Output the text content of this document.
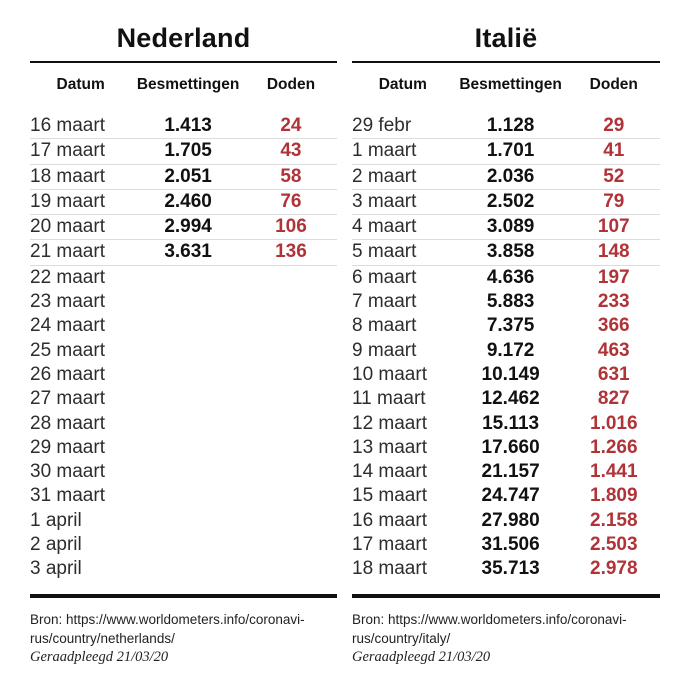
Nederland
Datum	Besmettingen	Doden
16 maart	1.413	24
17 maart	1.705	43
18 maart	2.051	58
19 maart	2.460	76
20 maart	2.994	106
21 maart	3.631	136
22 maart
23 maart
24 maart
25 maart
26 maart
27 maart
28 maart
29 maart
30 maart
31 maart
1 april
2 april
3 april
Bron: https://www.worldometers.info/coronavi-
rus/country/netherlands/
Geraadpleegd 21/03/20
Italië
Datum	Besmettingen	Doden
29 febr	1.128	29
1 maart	1.701	41
2 maart	2.036	52
3 maart	2.502	79
4 maart	3.089	107
5 maart	3.858	148
6 maart	4.636	197
7 maart	5.883	233
8 maart	7.375	366
9 maart	9.172	463
10 maart	10.149	631
11 maart	12.462	827
12 maart	15.113	1.016
13 maart	17.660	1.266
14 maart	21.157	1.441
15 maart	24.747	1.809
16 maart	27.980	2.158
17 maart	31.506	2.503
18 maart	35.713	2.978
Bron: https://www.worldometers.info/coronavi-
rus/country/italy/
Geraadpleegd 21/03/20
